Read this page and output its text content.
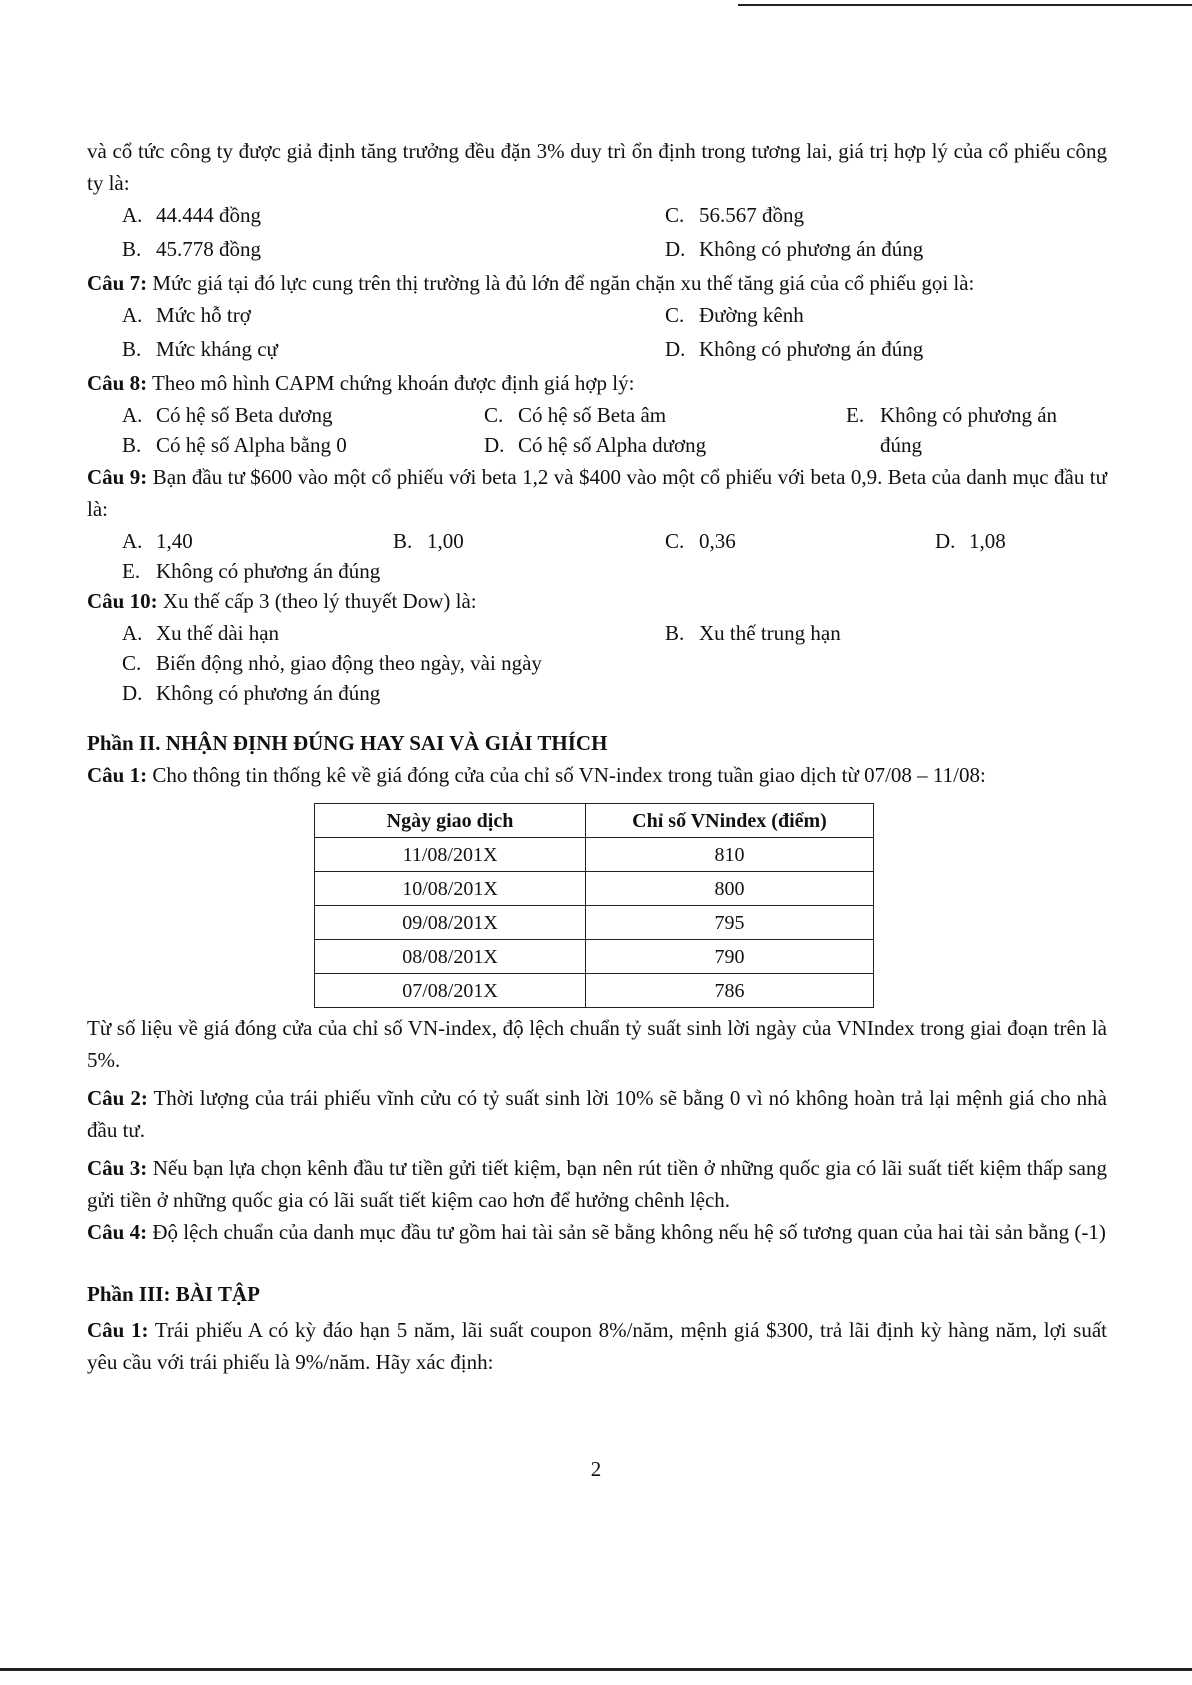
và cổ tức công ty được giả định tăng trưởng đều đặn 3% duy trì ổn định trong tương lai, giá trị hợp lý của cổ phiếu công ty là:

A. 44.444 đồng	C. 56.567 đồng
B. 45.778 đồng	D. Không có phương án đúng

Câu 7: Mức giá tại đó lực cung trên thị trường là đủ lớn để ngăn chặn xu thế tăng giá của cổ phiếu gọi là:

A. Mức hỗ trợ	C. Đường kênh
B. Mức kháng cự	D. Không có phương án đúng

Câu 8: Theo mô hình CAPM chứng khoán được định giá hợp lý:

A. Có hệ số Beta dương	C. Có hệ số Beta âm	E. Không có phương án
B. Có hệ số Alpha bằng 0	D. Có hệ số Alpha dương	đúng

Câu 9: Bạn đầu tư $600 vào một cổ phiếu với beta 1,2 và $400 vào một cổ phiếu với beta 0,9. Beta của danh mục đầu tư là:

A. 1,40	B. 1,00	C. 0,36	D. 1,08
E. Không có phương án đúng

Câu 10: Xu thế cấp 3 (theo lý thuyết Dow) là:

A. Xu thế dài hạn	B. Xu thế trung hạn
C. Biến động nhỏ, giao động theo ngày, vài ngày
D. Không có phương án đúng

Phần II. NHẬN ĐỊNH ĐÚNG HAY SAI VÀ GIẢI THÍCH

Câu 1: Cho thông tin thống kê về giá đóng cửa của chỉ số VN-index trong tuần giao dịch từ 07/08 – 11/08:

Ngày giao dịch	Chỉ số VNindex (điểm)
11/08/201X	810
10/08/201X	800
09/08/201X	795
08/08/201X	790
07/08/201X	786

Từ số liệu về giá đóng cửa của chỉ số VN-index, độ lệch chuẩn tỷ suất sinh lời ngày của VNIndex trong giai đoạn trên là 5%.

Câu 2: Thời lượng của trái phiếu vĩnh cửu có tỷ suất sinh lời 10% sẽ bằng 0 vì nó không hoàn trả lại mệnh giá cho nhà đầu tư.

Câu 3: Nếu bạn lựa chọn kênh đầu tư tiền gửi tiết kiệm, bạn nên rút tiền ở những quốc gia có lãi suất tiết kiệm thấp sang gửi tiền ở những quốc gia có lãi suất tiết kiệm cao hơn để hưởng chênh lệch.

Câu 4: Độ lệch chuẩn của danh mục đầu tư gồm hai tài sản sẽ bằng không nếu hệ số tương quan của hai tài sản bằng (-1)

Phần III: BÀI TẬP

Câu 1: Trái phiếu A có kỳ đáo hạn 5 năm, lãi suất coupon 8%/năm, mệnh giá $300, trả lãi định kỳ hàng năm, lợi suất yêu cầu với trái phiếu là 9%/năm. Hãy xác định:

2
